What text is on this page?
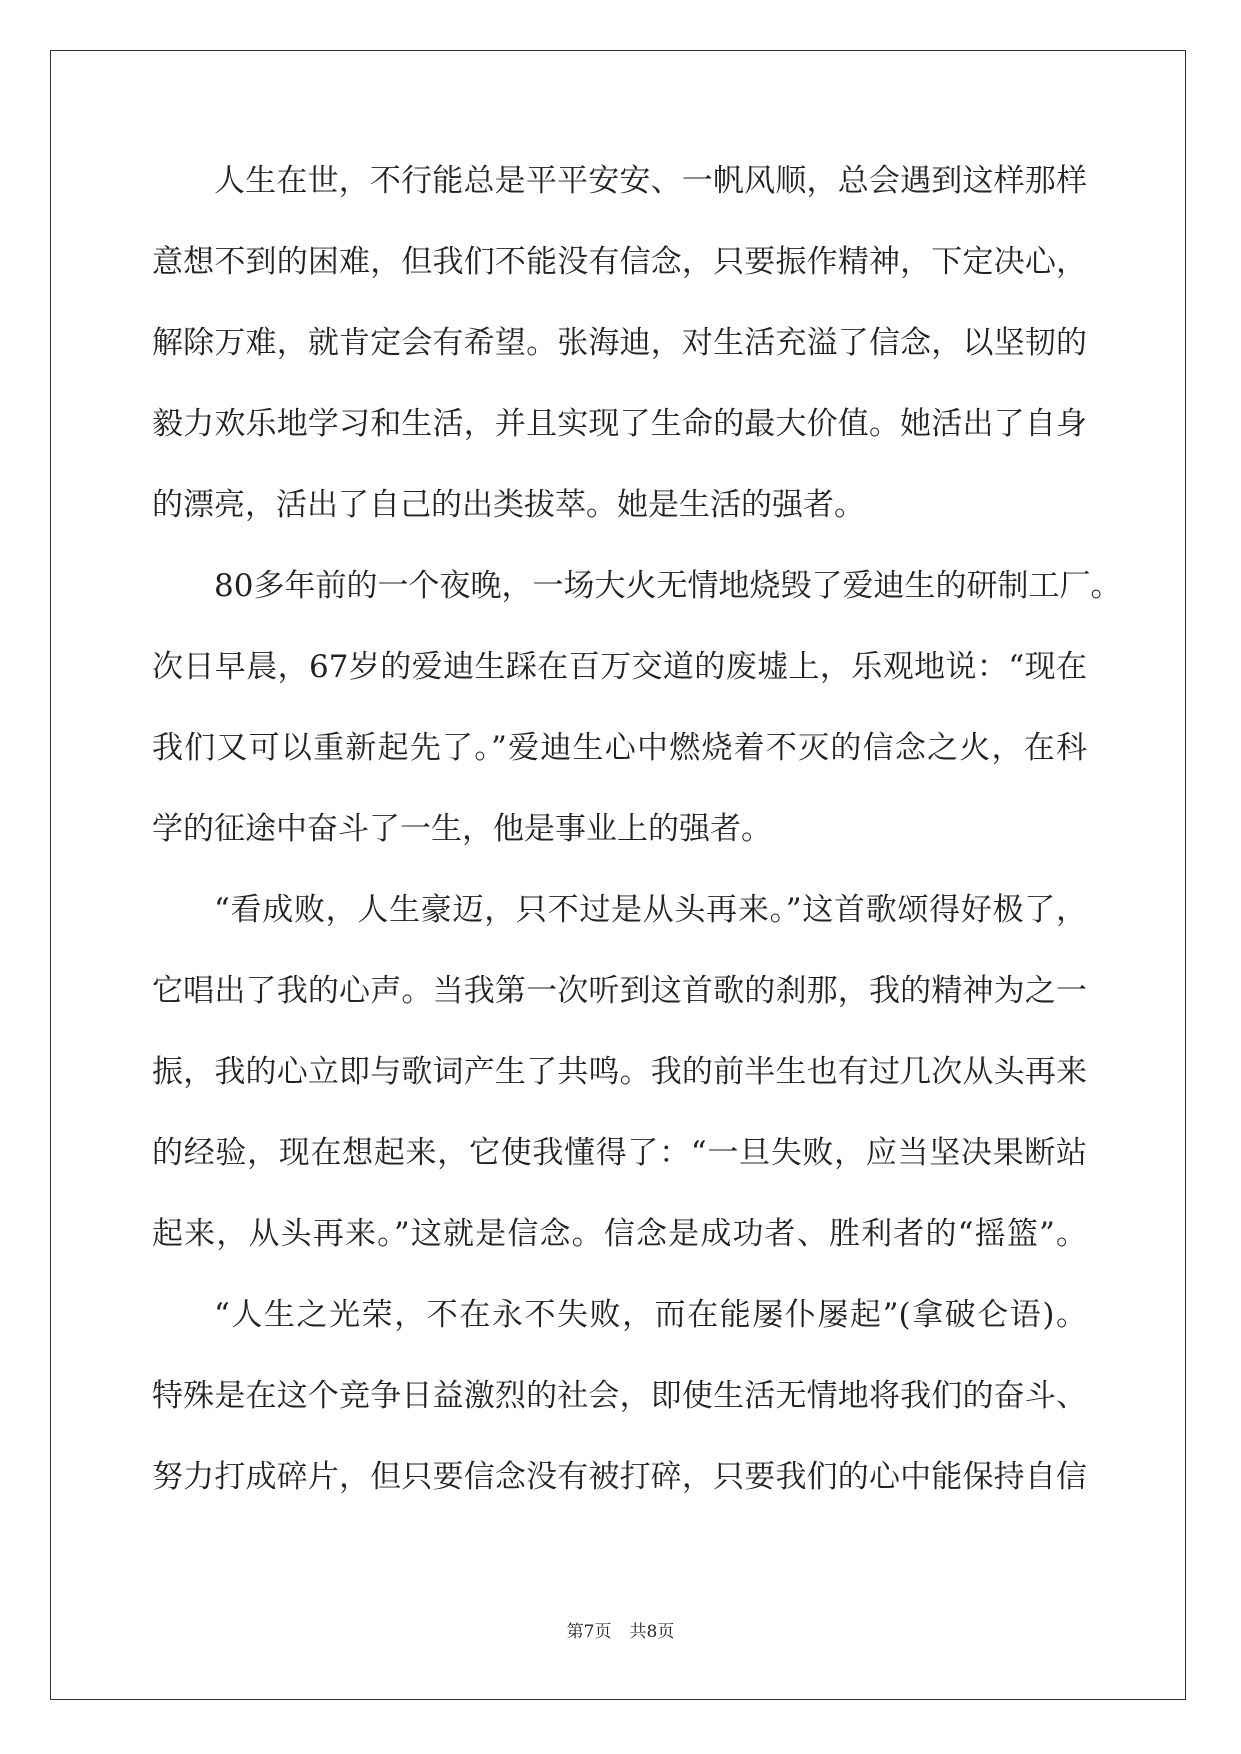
人生在世，不行能总是平平安安、一帆风顺，总会遇到这样那样
意想不到的困难，但我们不能没有信念，只要振作精神，下定决心，
解除万难，就肯定会有希望。张海迪，对生活充溢了信念，以坚韧的
毅力欢乐地学习和生活，并且实现了生命的最大价值。她活出了自身
的漂亮，活出了自己的出类拔萃。她是生活的强者。
80多年前的一个夜晚，一场大火无情地烧毁了爱迪生的研制工厂。
次日早晨，67岁的爱迪生踩在百万交道的废墟上，乐观地说：“现在
我们又可以重新起先了。”爱迪生心中燃烧着不灭的信念之火，在科
学的征途中奋斗了一生，他是事业上的强者。
“看成败，人生豪迈，只不过是从头再来。”这首歌颂得好极了，
它唱出了我的心声。当我第一次听到这首歌的刹那，我的精神为之一
振，我的心立即与歌词产生了共鸣。我的前半生也有过几次从头再来
的经验，现在想起来，它使我懂得了：“一旦失败，应当坚决果断站
起来，从头再来。”这就是信念。信念是成功者、胜利者的“摇篮”。
“人生之光荣，不在永不失败，而在能屡仆屡起”(拿破仑语)。
特殊是在这个竞争日益激烈的社会，即使生活无情地将我们的奋斗、
努力打成碎片，但只要信念没有被打碎，只要我们的心中能保持自信
第7页 共8页
